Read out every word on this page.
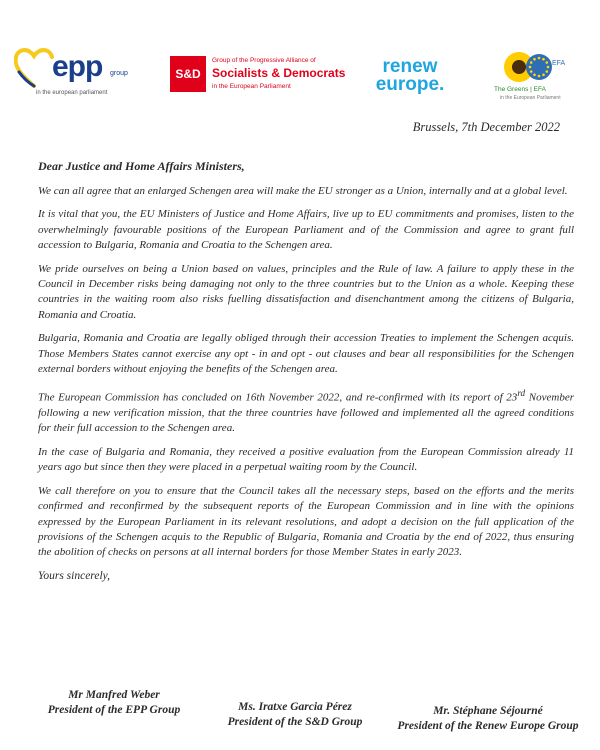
epp group
in the european parliament
S&D
Group of the Progressive Alliance of
Socialists & Democrats
in the European Parliament
renew
europe.
EFA
The Greens | EFA
in the European Parliament
Brussels, 7th December 2022
Dear Justice and Home Affairs Ministers,

We can all agree that an enlarged Schengen area will make the EU stronger as a Union, internally and at a global level.

It is vital that you, the EU Ministers of Justice and Home Affairs, live up to EU commitments and promises, listen to the overwhelmingly favourable positions of the European Parliament and of the Commission and agree to grant full accession to Bulgaria, Romania and Croatia to the Schengen area.

We pride ourselves on being a Union based on values, principles and the Rule of law. A failure to apply these in the Council in December risks being damaging not only to the three countries but to the Union as a whole. Keeping these countries in the waiting room also risks fuelling dissatisfaction and disenchantment among the citizens of Bulgaria, Romania and Croatia.

Bulgaria, Romania and Croatia are legally obliged through their accession Treaties to implement the Schengen acquis. Those Members States cannot exercise any opt - in and opt - out clauses and bear all responsibilities for the Schengen external borders without enjoying the benefits of the Schengen area.

The European Commission has concluded on 16th November 2022, and re-confirmed with its report of 23rd November following a new verification mission, that the three countries have followed and implemented all the agreed conditions for their full accession to the Schengen area.

In the case of Bulgaria and Romania, they received a positive evaluation from the European Commission already 11 years ago but since then they were placed in a perpetual waiting room by the Council.

We call therefore on you to ensure that the Council takes all the necessary steps, based on the efforts and the merits confirmed and reconfirmed by the subsequent reports of the European Commission and in line with the opinions expressed by the European Parliament in its relevant resolutions, and adopt a decision on the full application of the provisions of the Schengen acquis to the Republic of Bulgaria, Romania and Croatia by the end of 2022, thus ensuring the abolition of checks on persons at all internal borders for those Member States in early 2023.

Yours sincerely,
Mr Manfred Weber
President of the EPP Group	Ms. Iratxe Garcia Pérez
President of the S&D Group
Mr. Stéphane Séjourné
President of the Renew Europe Group
